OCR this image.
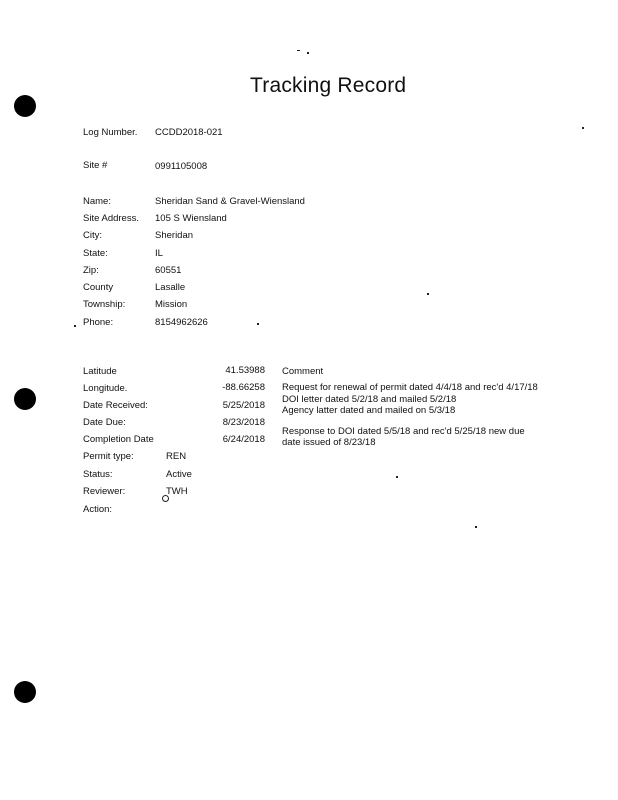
Tracking Record
Log Number. CCDD2018-021
Site #	0991105008
Name:	Sheridan Sand & Gravel-Wiensland
Site Address. 105 S Wiensland
City:	Sheridan
State:	IL
Zip:	60551
County	Lasalle
Township:	Mission
Phone:	8154962626
Latitude	41.53988
Longitude.	-88.66258
Date Received:	5/25/2018
Date Due:	8/23/2018
Completion Date	6/24/2018
Permit type:	REN
Status:	Active
Reviewer:	TWH
Action:
Comment
Request for renewal of permit dated 4/4/18 and rec'd 4/17/18
DOI letter dated 5/2/18 and mailed 5/2/18
Agency latter dated and mailed on 5/3/18
Response to DOI dated 5/5/18 and rec'd 5/25/18 new due
date issued of 8/23/18
